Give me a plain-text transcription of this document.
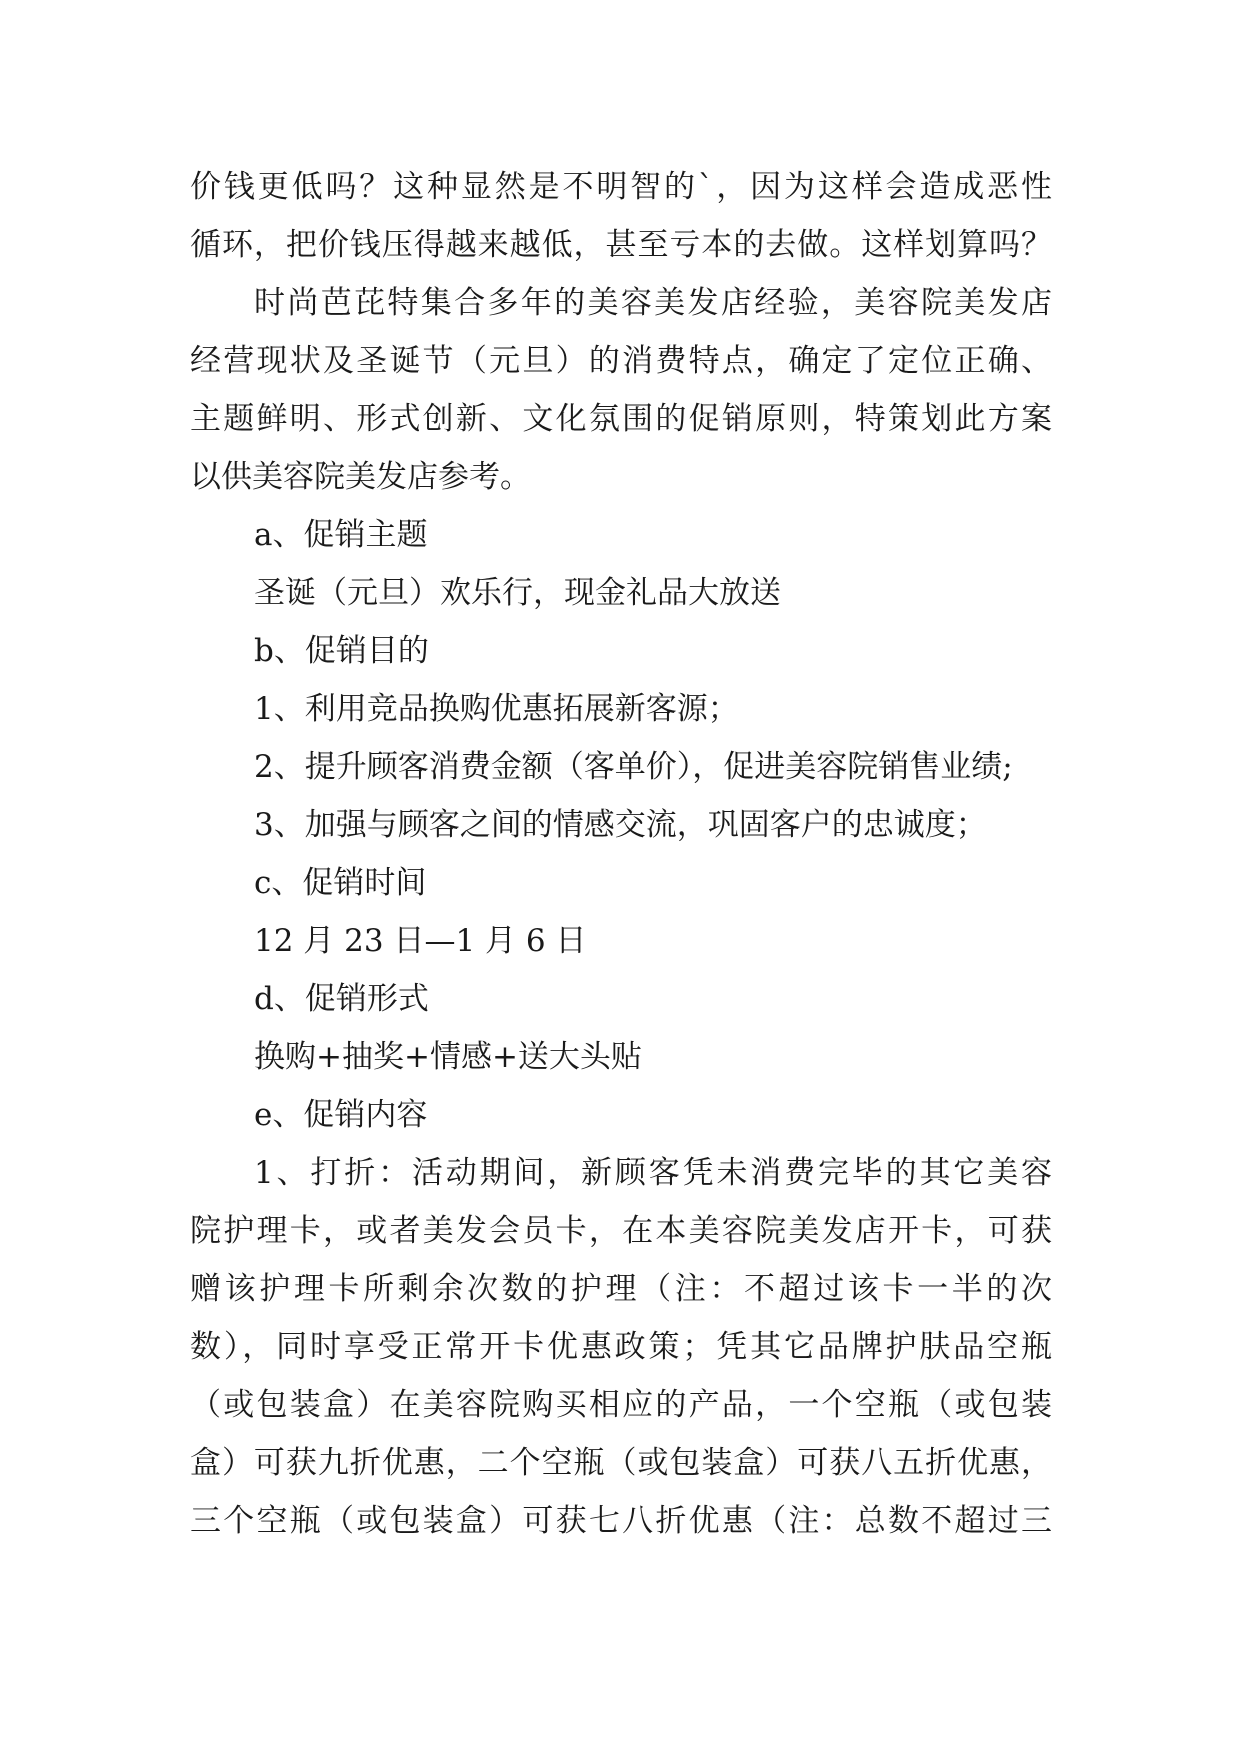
价钱更低吗？这种显然是不明智的`，因为这样会造成恶性
循环，把价钱压得越来越低，甚至亏本的去做。这样划算吗？
时尚芭芘特集合多年的美容美发店经验，美容院美发店
经营现状及圣诞节（元旦）的消费特点，确定了定位正确、
主题鲜明、形式创新、文化氛围的促销原则，特策划此方案
以供美容院美发店参考。
a、促销主题
圣诞（元旦）欢乐行，现金礼品大放送
b、促销目的
1、利用竞品换购优惠拓展新客源；
2、提升顾客消费金额（客单价），促进美容院销售业绩;
3、加强与顾客之间的情感交流，巩固客户的忠诚度；
c、促销时间
12 月 23 日—1 月 6 日
d、促销形式
换购+抽奖+情感+送大头贴
e、促销内容
1、打折：活动期间，新顾客凭未消费完毕的其它美容
院护理卡，或者美发会员卡，在本美容院美发店开卡，可获
赠该护理卡所剩余次数的护理（注：不超过该卡一半的次
数），同时享受正常开卡优惠政策；凭其它品牌护肤品空瓶
（或包装盒）在美容院购买相应的产品，一个空瓶（或包装
盒）可获九折优惠，二个空瓶（或包装盒）可获八五折优惠，
三个空瓶（或包装盒）可获七八折优惠（注：总数不超过三
